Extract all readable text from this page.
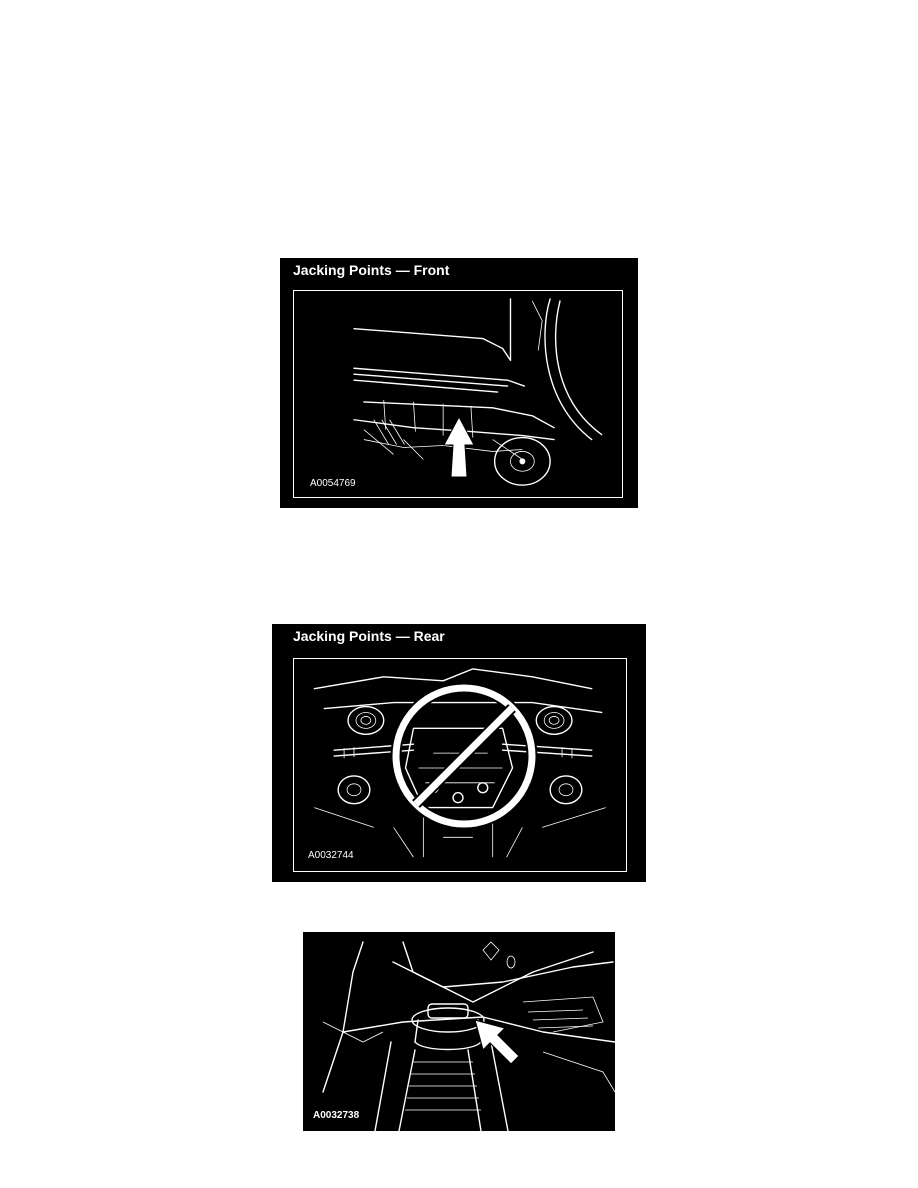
Jacking Points — Front
A0054769
Jacking Points — Rear
A0032744
A0032738
